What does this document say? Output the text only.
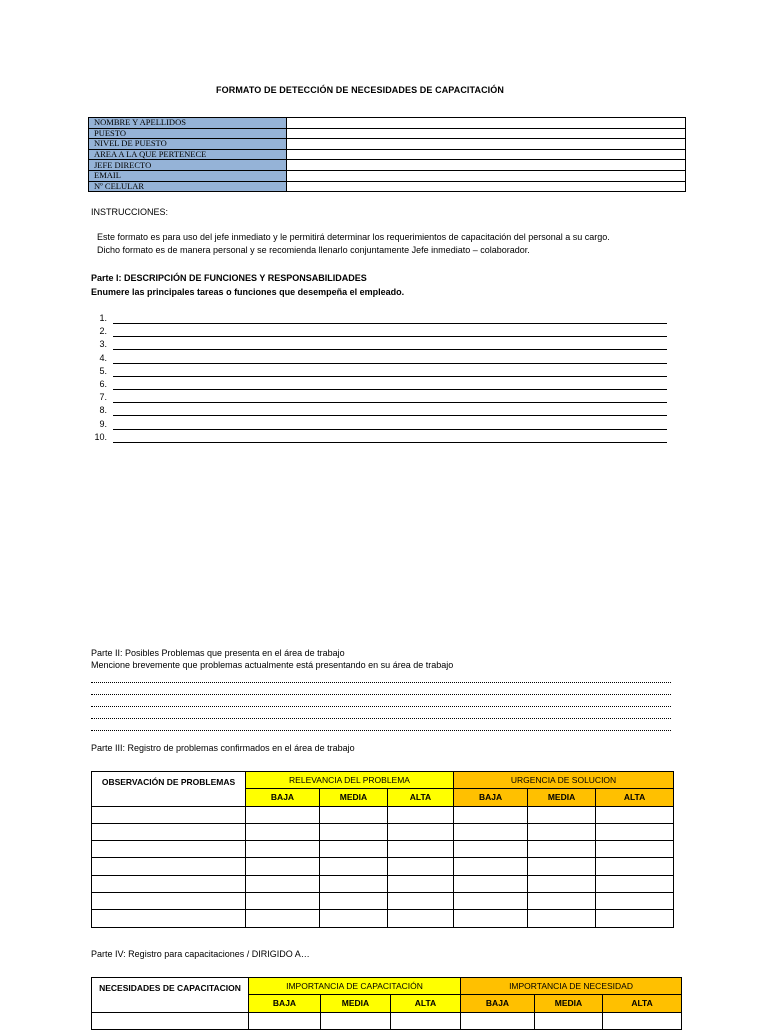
FORMATO DE DETECCIÓN DE NECESIDADES DE CAPACITACIÓN
NOMBRE Y APELLIDOS	
PUESTO	
NIVEL DE PUESTO	
AREA A LA QUE PERTENECE	
JEFE DIRECTO	
EMAIL	
Nº CELULAR	
INSTRUCCIONES:
Este formato es para uso del jefe inmediato y le permitirá determinar los requerimientos de capacitación del personal a su cargo.
Dicho formato es de manera personal y se recomienda llenarlo conjuntamente Jefe inmediato – colaborador.
Parte I: DESCRIPCIÓN DE FUNCIONES Y RESPONSABILIDADES
Enumere las principales tareas o funciones que desempeña el empleado.
1.
2.
3.
4.
5.
6.
7.
8.
9.
10.
Parte II: Posibles Problemas que presenta en el área de trabajo
Mencione brevemente que problemas actualmente está presentando en su área de trabajo
Parte III: Registro de problemas confirmados en el área de trabajo
OBSERVACIÓN DE PROBLEMAS	RELEVANCIA DEL PROBLEMA			URGENCIA DE SOLUCION		
	BAJA	MEDIA	ALTA	BAJA	MEDIA	ALTA

Parte IV: Registro para capacitaciones / DIRIGIDO A…
NECESIDADES DE CAPACITACION	IMPORTANCIA DE CAPACITACIÓN			IMPORTANCIA DE NECESIDAD		
	BAJA	MEDIA	ALTA	BAJA	MEDIA	ALTA
